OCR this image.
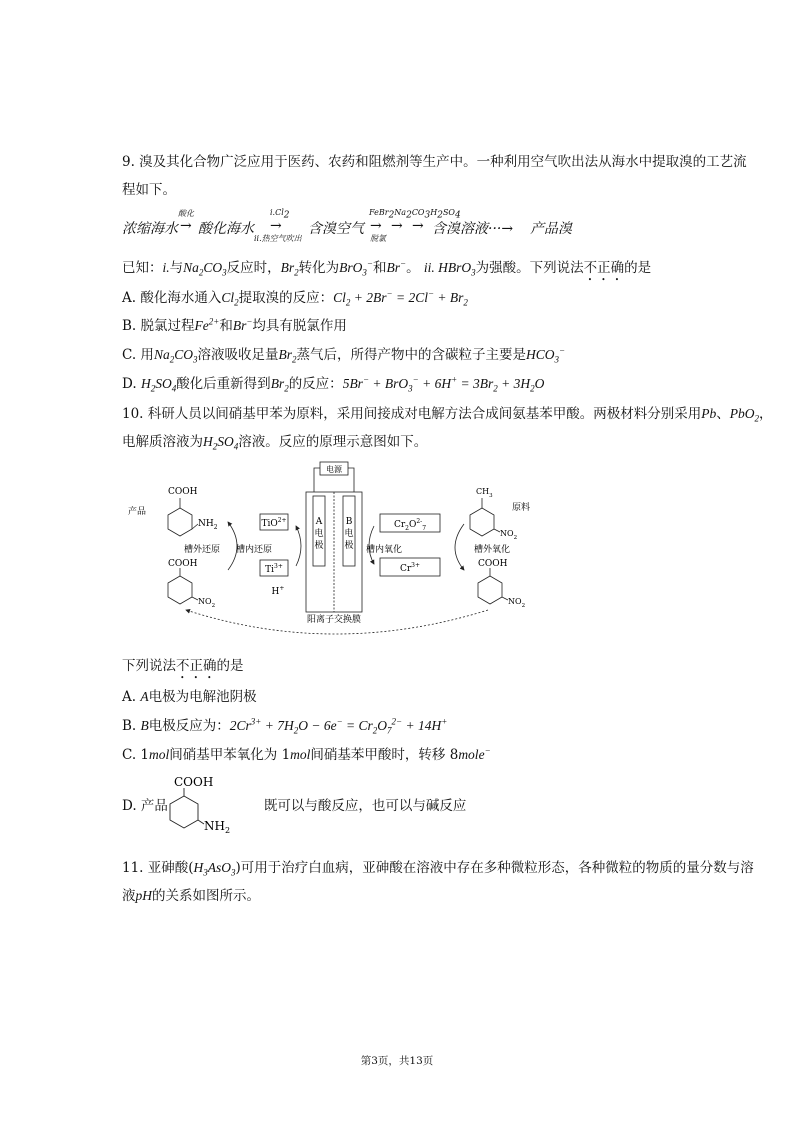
9. 溴及其化合物广泛应用于医药、农药和阻燃剂等生产中。一种利用空气吹出法从海水中提取溴的工艺流
程如下。
浓缩海水
酸化
→ 酸化海水
$i.Cl_2$
→
ii.热空气吹出
含溴空气
$FeBr_2Na_2CO_3H_2SO_4$
→ → →
脱氯
含溴溶液···→ 产品溴
已知：i.与$Na_2CO_3$反应时，$Br_2$转化为BrO$_3$−和Br−。 ii. HBrO$_3$为强酸。下列说法不正确的是
A. 酸化海水通入$Cl_2$提取溴的反应：$Cl_2 + 2Br^- = 2Cl^- + Br_2$
B. 脱氯过程$Fe^{2+}$和Br−均具有脱氯作用
C. 用$Na_2CO_3$溶液吸收足量$Br_2$蒸气后，所得产物中的含碳粒子主要是$HCO_3^-$
D. $H_2SO_4$酸化后重新得到$Br_2$的反应：$5Br^- + BrO_3^- + 6H^+ = 3Br_2 + 3H_2O$
10. 科研人员以间硝基甲苯为原料，采用间接成对电解方法合成间氨基苯甲酸。两极材料分别采用Pb、PbO$_2$，
电解质溶液为$H_2SO_4$溶液。反应的原理示意图如下。
电源
A
电
极
B
电
极
TiO$^{2+}$
$Ti^{3+}$
H+
槽内还原
$Cr_2O^{2-}_7$
$Cr^{3+}$
槽内氧化
槽外还原	槽外氧化
产品
COOH
$NH_2$
COOH
$NO_2$
原料
$CH_3$
$NO_2$
COOH
$NO_2$
阳离子交换膜
下列说法不正确的是
A. A电极为电解池阴极
B. B电极反应为：$2Cr^{3+} + 7H_2O - 6e^- = Cr_2O_7^{2-} + 14H^+$
C. 1mol间硝基甲苯氧化为 1mol间硝基苯甲酸时，转移 8mole−
D. 产品	既可以与酸反应，也可以与碱反应
COOH
$NH_2$
11. 亚砷酸$(H_3AsO_3)$可用于治疗白血病，亚砷酸在溶液中存在多种微粒形态，各种微粒的物质的量分数与溶
液pH的关系如图所示。
第3页，共13页
